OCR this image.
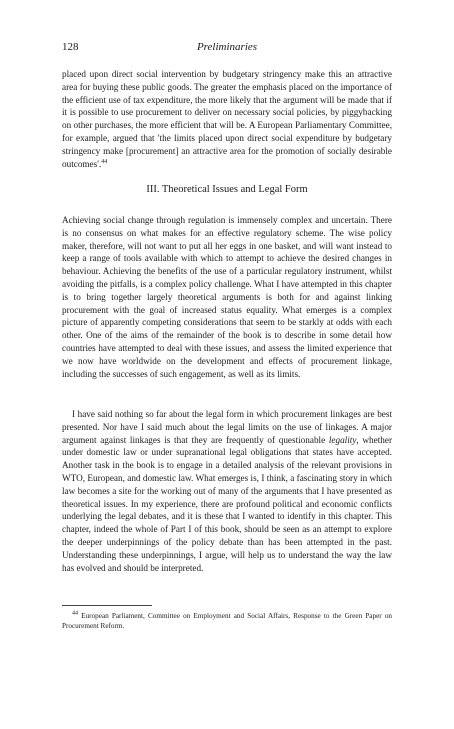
128	Preliminaries

placed upon direct social intervention by budgetary stringency make this an attractive area for buying these public goods. The greater the emphasis placed on the importance of the efficient use of tax expenditure, the more likely that the argument will be made that if it is possible to use procurement to deliver on necessary social policies, by piggybacking on other purchases, the more efficient that will be. A European Parliamentary Committee, for example, argued that 'the limits placed upon direct social expenditure by budgetary stringency make [procurement] an attractive area for the promotion of socially desirable outcomes'.$^{44}$

III. Theoretical Issues and Legal Form

Achieving social change through regulation is immensely complex and uncertain. There is no consensus on what makes for an effective regulatory scheme. The wise policy maker, therefore, will not want to put all her eggs in one basket, and will want instead to keep a range of tools available with which to attempt to achieve the desired changes in behaviour. Achieving the benefits of the use of a particular regulatory instrument, whilst avoiding the pitfalls, is a complex policy challenge. What I have attempted in this chapter is to bring together largely theoretical arguments is both for and against linking procurement with the goal of increased status equality. What emerges is a complex picture of apparently competing considerations that seem to be starkly at odds with each other. One of the aims of the remainder of the book is to describe in some detail how countries have attempted to deal with these issues, and assess the limited experience that we now have worldwide on the development and effects of procurement linkage, including the successes of such engagement, as well as its limits.

I have said nothing so far about the legal form in which procurement linkages are best presented. Nor have I said much about the legal limits on the use of linkages. A major argument against linkages is that they are frequently of questionable legality, whether under domestic law or under supranational legal obligations that states have accepted. Another task in the book is to engage in a detailed analysis of the relevant provisions in WTO, European, and domestic law. What emerges is, I think, a fascinating story in which law becomes a site for the working out of many of the arguments that I have presented as theoretical issues. In my experience, there are profound political and economic conflicts underlying the legal debates, and it is these that I wanted to identify in this chapter. This chapter, indeed the whole of Part I of this book, should be seen as an attempt to explore the deeper underpinnings of the policy debate than has been attempted in the past. Understanding these underpinnings, I argue, will help us to understand the way the law has evolved and should be interpreted.

$^{44}$ European Parliament, Committee on Employment and Social Affairs, Response to the Green Paper on Procurement Reform.
